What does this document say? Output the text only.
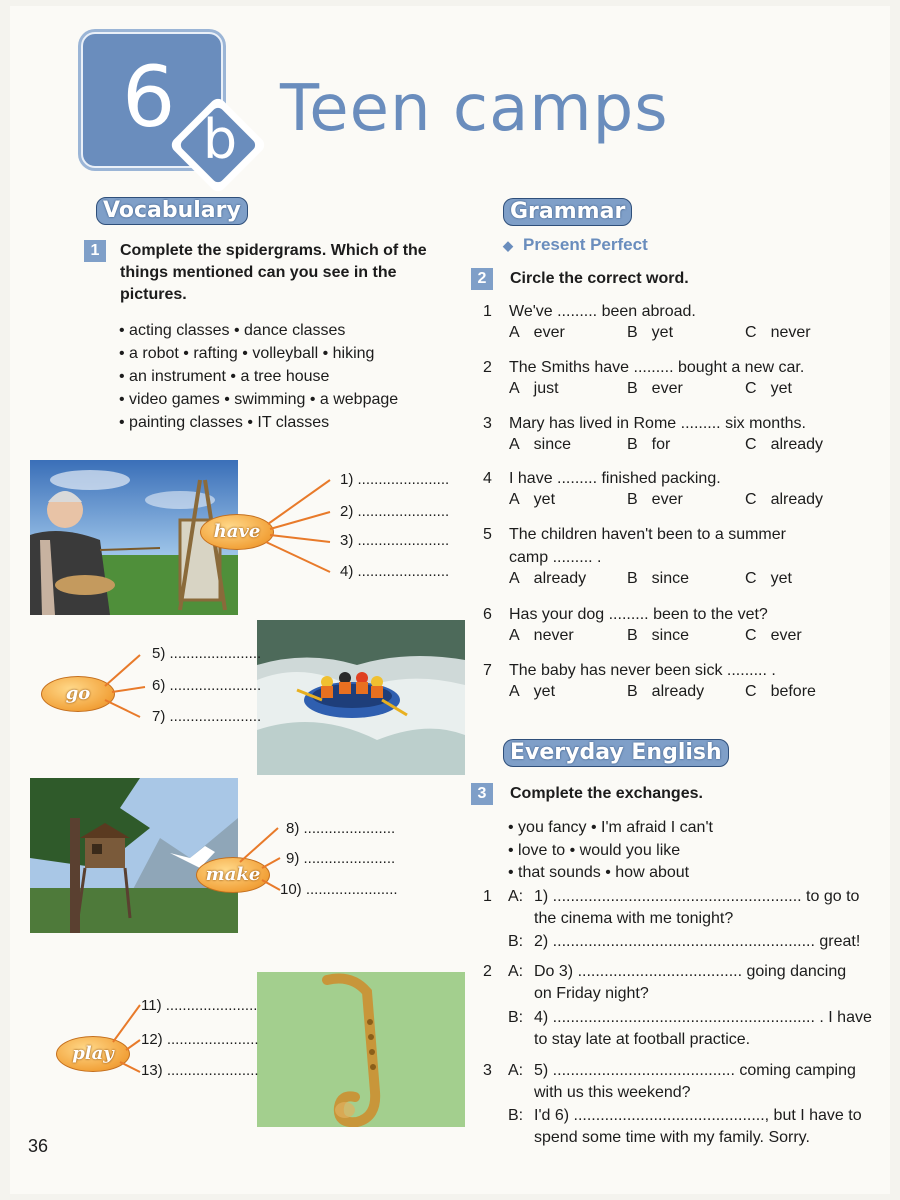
6 b Teen camps
Vocabulary
1	Complete the spidergrams. Which of the things mentioned can you see in the pictures.
• acting classes • dance classes
• a robot • rafting • volleyball • hiking
• an instrument • a tree house
• video games • swimming • a webpage
• painting classes • IT classes
have
go
make
play
1) ......................
2) ......................
3) ......................
4) ......................
5) ......................
6) ......................
7) ......................
8) ......................
9) ......................
10) ......................
11) ......................
12) ......................
13) ......................
Grammar
◆ Present Perfect
2	Circle the correct word.
1 We've ......... been abroad.
A ever	B yet	C never
2 The Smiths have ......... bought a new car.
A just	B ever	C yet
3 Mary has lived in Rome ......... six months.
A since	B for	C already
4 I have ......... finished packing.
A yet	B ever	C already
5 The children haven't been to a summer
camp ......... .
A already	B since	C yet
6 Has your dog ......... been to the vet?
A never	B since	C ever
7 The baby has never been sick ......... .
A yet	B already	C before
Everyday English
3	Complete the exchanges.
• you fancy • I'm afraid I can't
• love to • would you like
• that sounds • how about
1 A: 1) ........................................................ to go to
the cinema with me tonight?
B: 2) ........................................................... great!
2 A: Do 3) ..................................... going dancing
on Friday night?
B: 4) ........................................................... . I have
to stay late at football practice.
3 A: 5) ......................................... coming camping
with us this weekend?
B: I'd 6) ..........................................., but I have to
spend some time with my family. Sorry.
36
